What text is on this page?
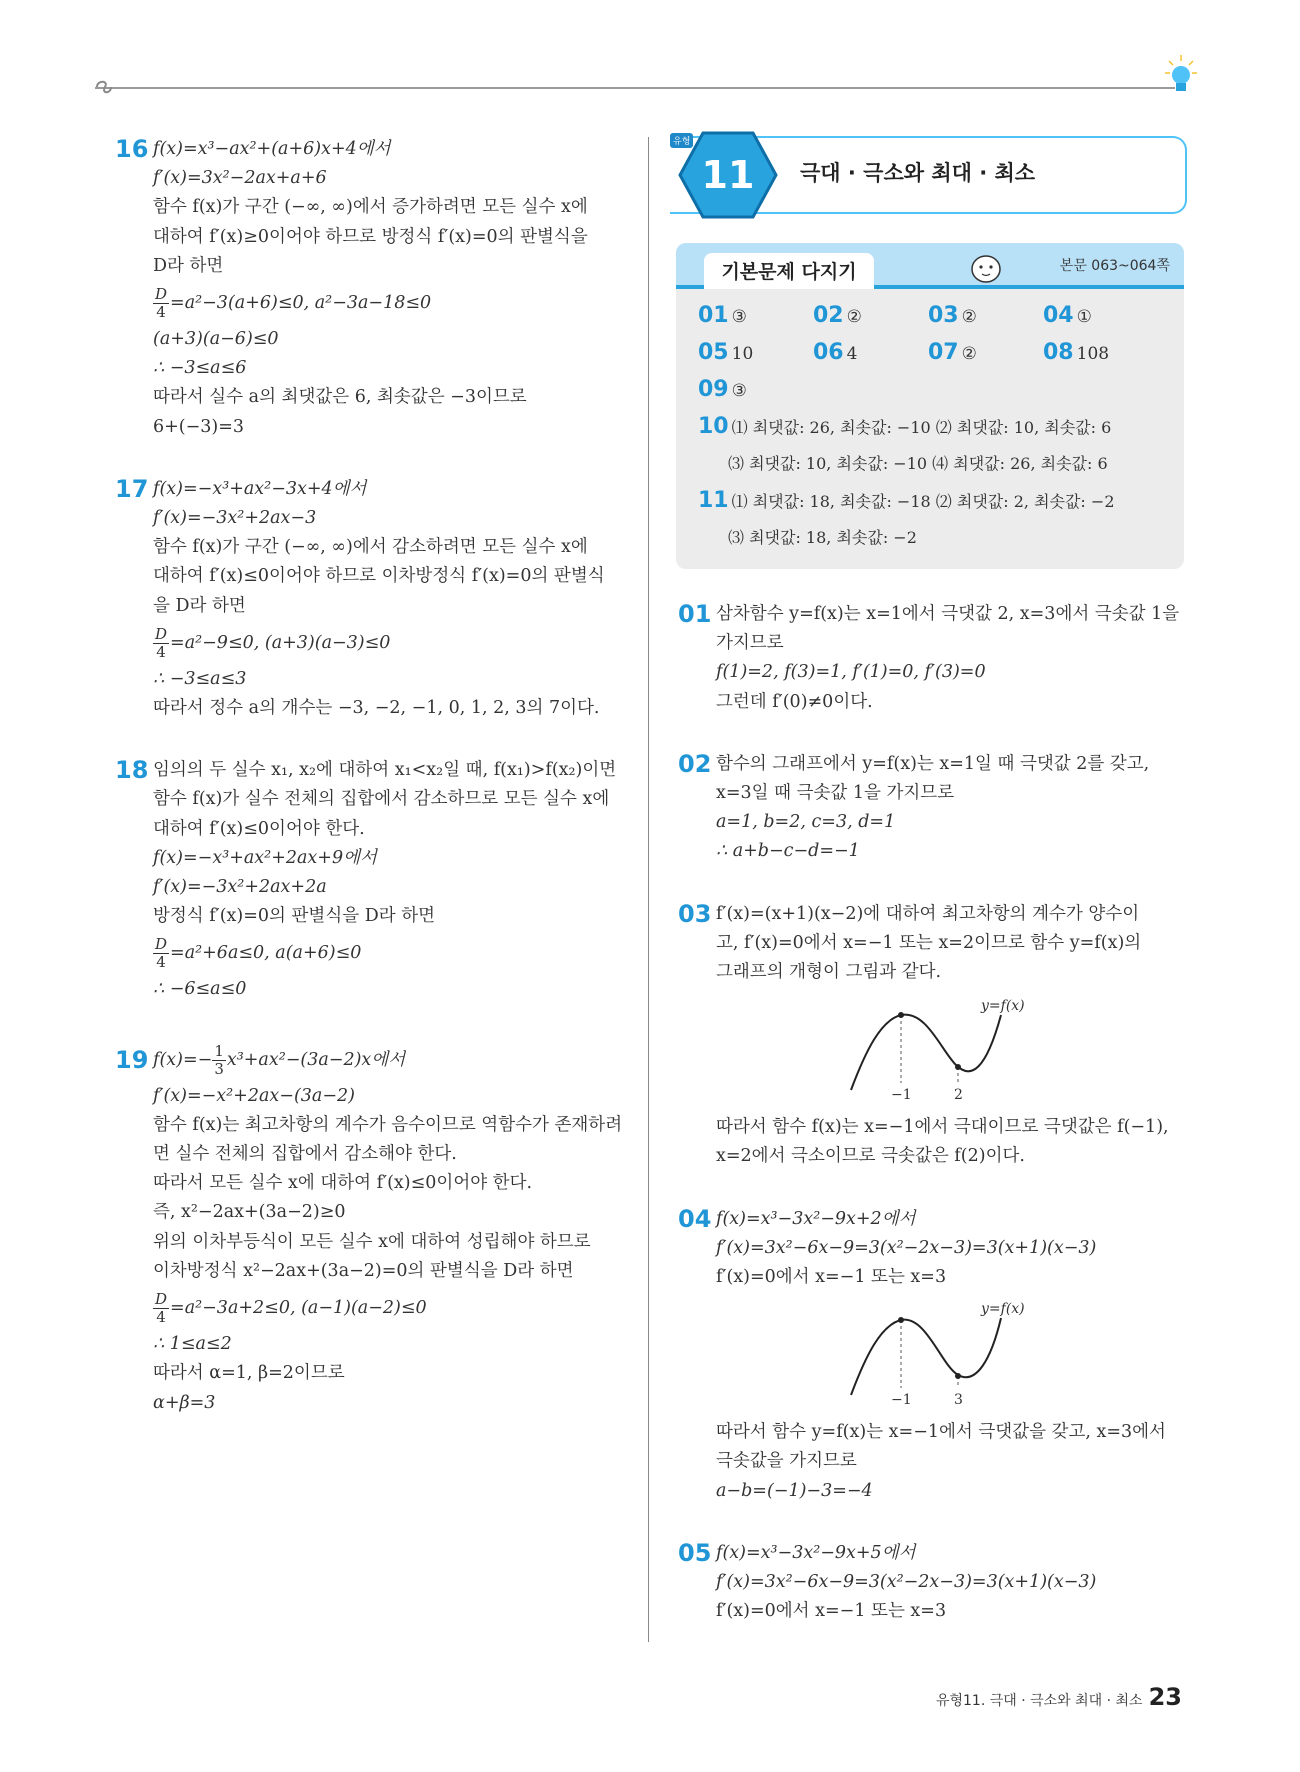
16 f(x)=x³−ax²+(a+6)x+4에서
f′(x)=3x²−2ax+a+6
함수 f(x)가 구간 (−∞, ∞)에서 증가하려면 모든 실수 x에
대하여 f′(x)≥0이어야 하므로 방정식 f′(x)=0의 판별식을
D라 하면
$\frac{D}{4} =a^2-3(a+6)\le 0$, a²−3a−18≤0
(a+3)(a−6)≤0
∴ −3≤a≤6
따라서 실수 a의 최댓값은 6, 최솟값은 −3이므로
6+(−3)=3
17 f(x)=−x³+ax²−3x+4에서
f′(x)=−3x²+2ax−3
함수 f(x)가 구간 (−∞, ∞)에서 감소하려면 모든 실수 x에
대하여 f′(x)≤0이어야 하므로 이차방정식 f′(x)=0의 판별식
을 D라 하면
$\frac{D}{4} =a^2-9\le 0$, (a+3)(a−3)≤0
∴ −3≤a≤3
따라서 정수 a의 개수는 −3, −2, −1, 0, 1, 2, 3의 7이다.
18 임의의 두 실수 x₁, x₂에 대하여 x₁<x₂일 때, f(x₁)>f(x₂)이면
함수 f(x)가 실수 전체의 집합에서 감소하므로 모든 실수 x에
대하여 f′(x)≤0이어야 한다.
f(x)=−x³+ax²+2ax+9에서
f′(x)=−3x²+2ax+2a
방정식 f′(x)=0의 판별식을 D라 하면
$\frac{D}{4} =a^2+6a\le 0$, a(a+6)≤0
∴ −6≤a≤0
19 $f(x)=- \frac{1}{3} x^3+ax^2-(3a-2)x$에서
f′(x)=−x²+2ax−(3a−2)
함수 f(x)는 최고차항의 계수가 음수이므로 역함수가 존재하려
면 실수 전체의 집합에서 감소해야 한다.
따라서 모든 실수 x에 대하여 f′(x)≤0이어야 한다.
즉, x²−2ax+(3a−2)≥0
위의 이차부등식이 모든 실수 x에 대하여 성립해야 하므로
이차방정식 x²−2ax+(3a−2)=0의 판별식을 D라 하면
$\frac{D}{4} =a^2-3a+2\le 0$, (a−1)(a−2)≤0
∴ 1≤a≤2
따라서 α=1, β=2이므로
α+β=3
11
유형
극대 · 극소와 최대 · 최소
기본문제 다지기	본문 063~064쪽
01 ③	02 ②	03 ②	04 ①
05 10	06 4	07 ②	08 108
09 ③
10 ⑴ 최댓값: 26, 최솟값: −10 ⑵ 최댓값: 10, 최솟값: 6
⑶ 최댓값: 10, 최솟값: −10 ⑷ 최댓값: 26, 최솟값: 6
11 ⑴ 최댓값: 18, 최솟값: −18 ⑵ 최댓값: 2, 최솟값: −2
⑶ 최댓값: 18, 최솟값: −2
01 삼차함수 y=f(x)는 x=1에서 극댓값 2, x=3에서 극솟값 1을
가지므로
f(1)=2, f(3)=1, f′(1)=0, f′(3)=0
그런데 f′(0)≠0이다.
02 함수의 그래프에서 y=f(x)는 x=1일 때 극댓값 2를 갖고,
x=3일 때 극솟값 1을 가지므로
a=1, b=2, c=3, d=1
∴ a+b−c−d=−1
03 f′(x)=(x+1)(x−2)에 대하여 최고차항의 계수가 양수이
고, f′(x)=0에서 x=−1 또는 x=2이므로 함수 y=f(x)의
그래프의 개형이 그림과 같다.
y=f(x)
−1	2
따라서 함수 f(x)는 x=−1에서 극대이므로 극댓값은 f(−1),
x=2에서 극소이므로 극솟값은 f(2)이다.
04 f(x)=x³−3x²−9x+2에서
f′(x)=3x²−6x−9=3(x²−2x−3)=3(x+1)(x−3)
f′(x)=0에서 x=−1 또는 x=3
y=f(x)
−1	3
따라서 함수 y=f(x)는 x=−1에서 극댓값을 갖고, x=3에서
극솟값을 가지므로
a−b=(−1)−3=−4
05 f(x)=x³−3x²−9x+5에서
f′(x)=3x²−6x−9=3(x²−2x−3)=3(x+1)(x−3)
f′(x)=0에서 x=−1 또는 x=3
유형11. 극대 · 극소와 최대 · 최소 23
